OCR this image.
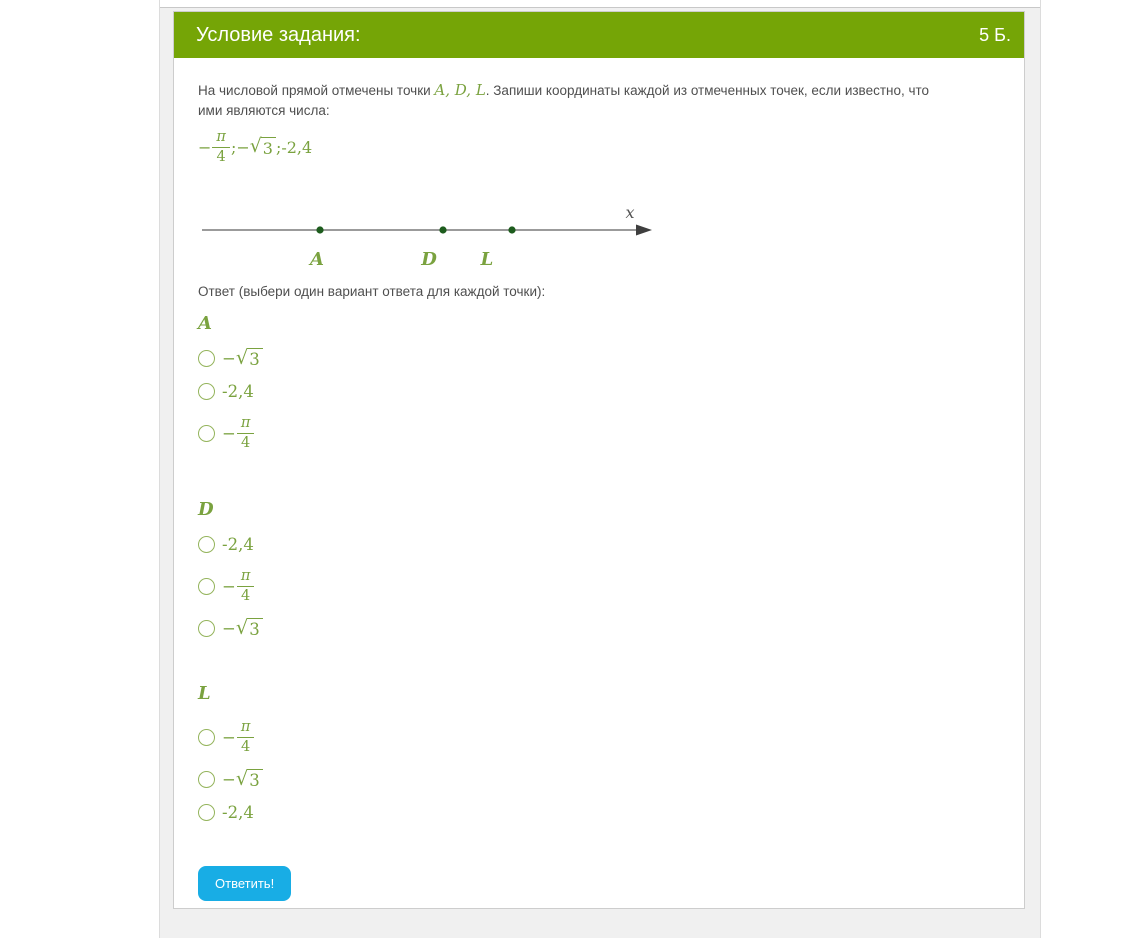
Условие задания:	5 Б.
На числовой прямой отмечены точки A, D, L. Запиши координаты каждой из отмеченных точек, если известно, что ими являются числа:
− $\frac{\pi}{4}$ ; − √ 3 ; -2,4
x
A	D L
Ответ (выбери один вариант ответа для каждой точки):
A
− √ 3
-2,4
− $\frac{\pi}{4}$
D
-2,4
− $\frac{\pi}{4}$
− √ 3
L
− $\frac{\pi}{4}$
− √ 3
-2,4
Ответить!
